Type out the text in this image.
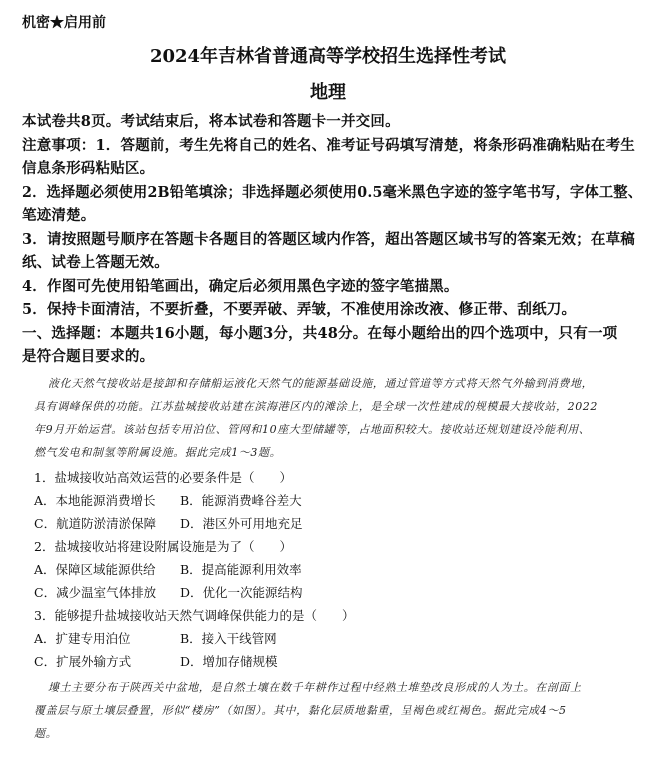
机密★启用前
2024年吉林省普通高等学校招生选择性考试
地理
本试卷共8页。考试结束后，将本试卷和答题卡一并交回。
注意事项：1．答题前，考生先将自己的姓名、准考证号码填写清楚，将条形码准确粘贴在考生
信息条形码粘贴区。
2．选择题必须使用2B铅笔填涂；非选择题必须使用0.5毫米黑色字迹的签字笔书写，字体工整、
笔迹清楚。
3．请按照题号顺序在答题卡各题目的答题区域内作答，超出答题区域书写的答案无效；在草稿
纸、试卷上答题无效。
4．作图可先使用铅笔画出，确定后必须用黑色字迹的签字笔描黑。
5．保持卡面清洁，不要折叠，不要弄破、弄皱，不准使用涂改液、修正带、刮纸刀。
一、选择题：本题共16小题，每小题3分，共48分。在每小题给出的四个选项中，只有一项
是符合题目要求的。
液化天然气接收站是接卸和存储船运液化天然气的能源基础设施，通过管道等方式将天然气外输到消费地，
具有调峰保供的功能。江苏盐城接收站建在滨海港区内的滩涂上，是全球一次性建成的规模最大接收站，2022
年9月开始运营。该站包括专用泊位、管网和10座大型储罐等，占地面积较大。接收站还规划建设冷能利用、
燃气发电和制氢等附属设施。据此完成1～3题。
1．盐城接收站高效运营的必要条件是（　　）
A．本地能源消费增长 B．能源消费峰谷差大
C．航道防淤清淤保障 D．港区外可用地充足
2．盐城接收站将建设附属设施是为了（　　）
A．保障区域能源供给 B．提高能源利用效率
C．减少温室气体排放 D．优化一次能源结构
3．能够提升盐城接收站天然气调峰保供能力的是（　　）
A．扩建专用泊位	B．接入干线管网
C．扩展外输方式	D．增加存储规模
塿土主要分布于陕西关中盆地，是自然土壤在数千年耕作过程中经熟土堆垫改良形成的人为土。在剖面上
覆盖层与原土壤层叠置，形似“楼房”（如图）。其中，黏化层质地黏重，呈褐色或红褐色。据此完成4～5
题。
